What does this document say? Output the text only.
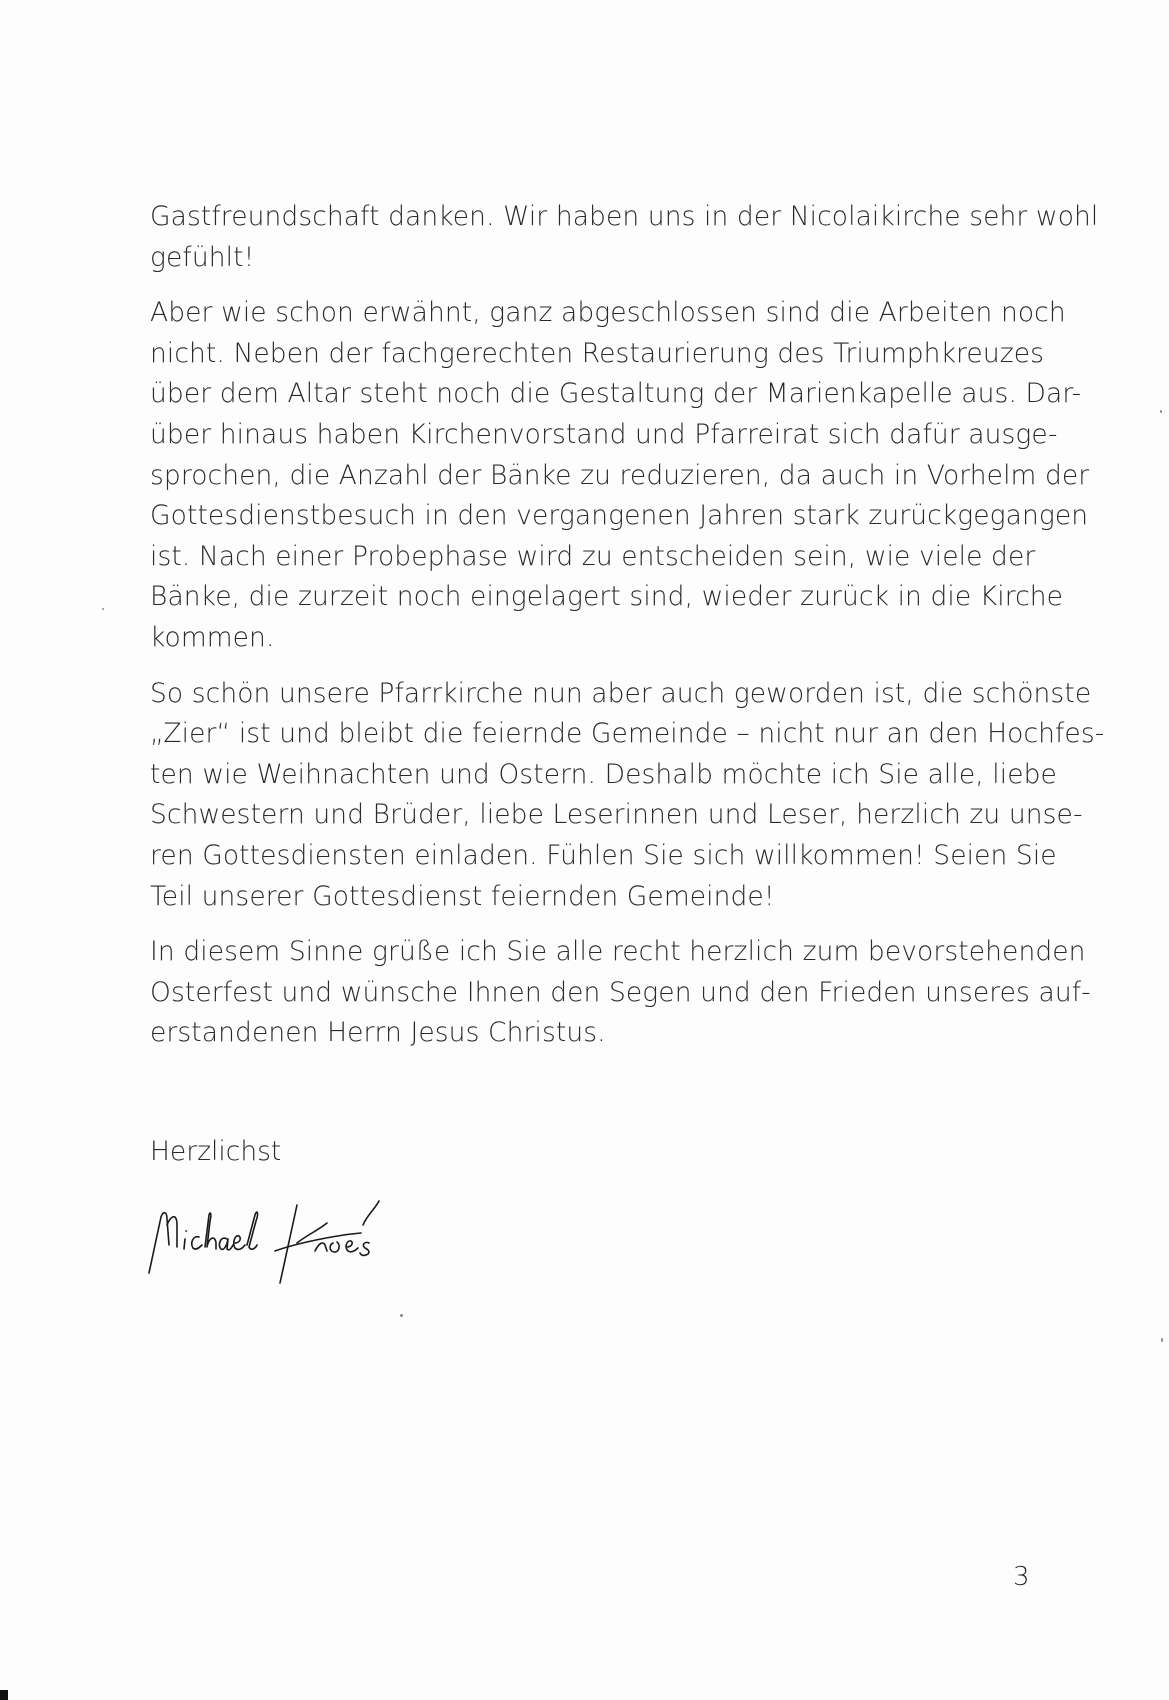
Gastfreundschaft danken. Wir haben uns in der Nicolaikirche sehr wohl
gefühlt!
Aber wie schon erwähnt, ganz abgeschlossen sind die Arbeiten noch
nicht. Neben der fachgerechten Restaurierung des Triumphkreuzes
über dem Altar steht noch die Gestaltung der Marienkapelle aus. Dar-
über hinaus haben Kirchenvorstand und Pfarreirat sich dafür ausge-
sprochen, die Anzahl der Bänke zu reduzieren, da auch in Vorhelm der
Gottesdienstbesuch in den vergangenen Jahren stark zurückgegangen
ist. Nach einer Probephase wird zu entscheiden sein, wie viele der
Bänke, die zurzeit noch eingelagert sind, wieder zurück in die Kirche
kommen.
So schön unsere Pfarrkirche nun aber auch geworden ist, die schönste
„Zier“ ist und bleibt die feiernde Gemeinde – nicht nur an den Hochfes-
ten wie Weihnachten und Ostern. Deshalb möchte ich Sie alle, liebe
Schwestern und Brüder, liebe Leserinnen und Leser, herzlich zu unse-
ren Gottesdiensten einladen. Fühlen Sie sich willkommen! Seien Sie
Teil unserer Gottesdienst feiernden Gemeinde!
In diesem Sinne grüße ich Sie alle recht herzlich zum bevorstehenden
Osterfest und wünsche Ihnen den Segen und den Frieden unseres auf-
erstandenen Herrn Jesus Christus.
Herzlichst
3
